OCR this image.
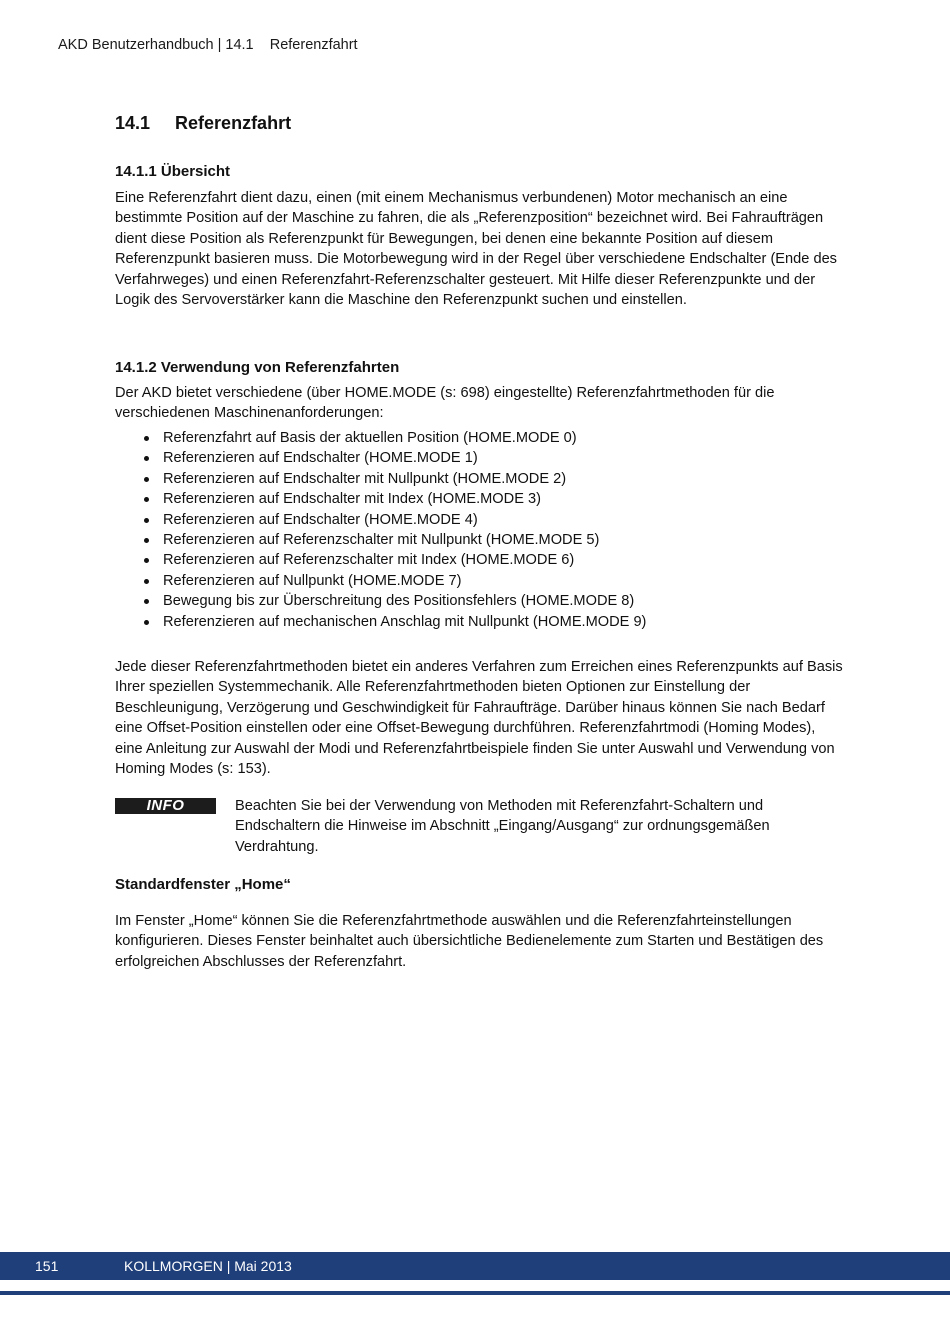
AKD Benutzerhandbuch | 14.1    Referenzfahrt
14.1     Referenzfahrt
14.1.1 Übersicht

Eine Referenzfahrt dient dazu, einen (mit einem Mechanismus verbundenen) Motor mechanisch an eine bestimmte Position auf der Maschine zu fahren, die als „Referenzposition“ bezeichnet wird. Bei Fahraufträgen dient diese Position als Referenzpunkt für Bewegungen, bei denen eine bekannte Position auf diesem Referenzpunkt basieren muss. Die Motorbewegung wird in der Regel über verschiedene Endschalter (Ende des Verfahrweges) und einen Referenzfahrt-Referenzschalter gesteuert. Mit Hilfe dieser Referenzpunkte und der Logik des Servoverstärker kann die Maschine den Referenzpunkt suchen und einstellen.

14.1.2 Verwendung von Referenzfahrten

Der AKD bietet verschiedene (über HOME.MODE (s: 698) eingestellte) Referenzfahrtmethoden für die verschiedenen Maschinenanforderungen:

Referenzfahrt auf Basis der aktuellen Position (HOME.MODE 0)
Referenzieren auf Endschalter (HOME.MODE 1)
Referenzieren auf Endschalter mit Nullpunkt (HOME.MODE 2)
Referenzieren auf Endschalter mit Index (HOME.MODE 3)
Referenzieren auf Endschalter (HOME.MODE 4)
Referenzieren auf Referenzschalter mit Nullpunkt (HOME.MODE 5)
Referenzieren auf Referenzschalter mit Index (HOME.MODE 6)
Referenzieren auf Nullpunkt (HOME.MODE 7)
Bewegung bis zur Überschreitung des Positionsfehlers (HOME.MODE 8)
Referenzieren auf mechanischen Anschlag mit Nullpunkt (HOME.MODE 9)

Jede dieser Referenzfahrtmethoden bietet ein anderes Verfahren zum Erreichen eines Referenzpunkts auf Basis Ihrer speziellen Systemmechanik. Alle Referenzfahrtmethoden bieten Optionen zur Einstellung der Beschleunigung, Verzögerung und Geschwindigkeit für Fahraufträge. Darüber hinaus können Sie nach Bedarf eine Offset-Position einstellen oder eine Offset-Bewegung durchführen. Referenzfahrtmodi (Homing Modes), eine Anleitung zur Auswahl der Modi und Referenzfahrtbeispiele finden Sie unter Auswahl und Verwendung von Homing Modes (s: 153).

INFO	Beachten Sie bei der Verwendung von Methoden mit Referenzfahrt-Schaltern und Endschaltern die Hinweise im Abschnitt „Eingang/Ausgang“ zur ordnungsgemäßen Verdrahtung.

Standardfenster „Home“

Im Fenster „Home“ können Sie die Referenzfahrtmethode auswählen und die Referenzfahrteinstellungen konfigurieren. Dieses Fenster beinhaltet auch übersichtliche Bedienelemente zum Starten und Bestätigen des erfolgreichen Abschlusses der Referenzfahrt.

151	KOLLMORGEN | Mai 2013
